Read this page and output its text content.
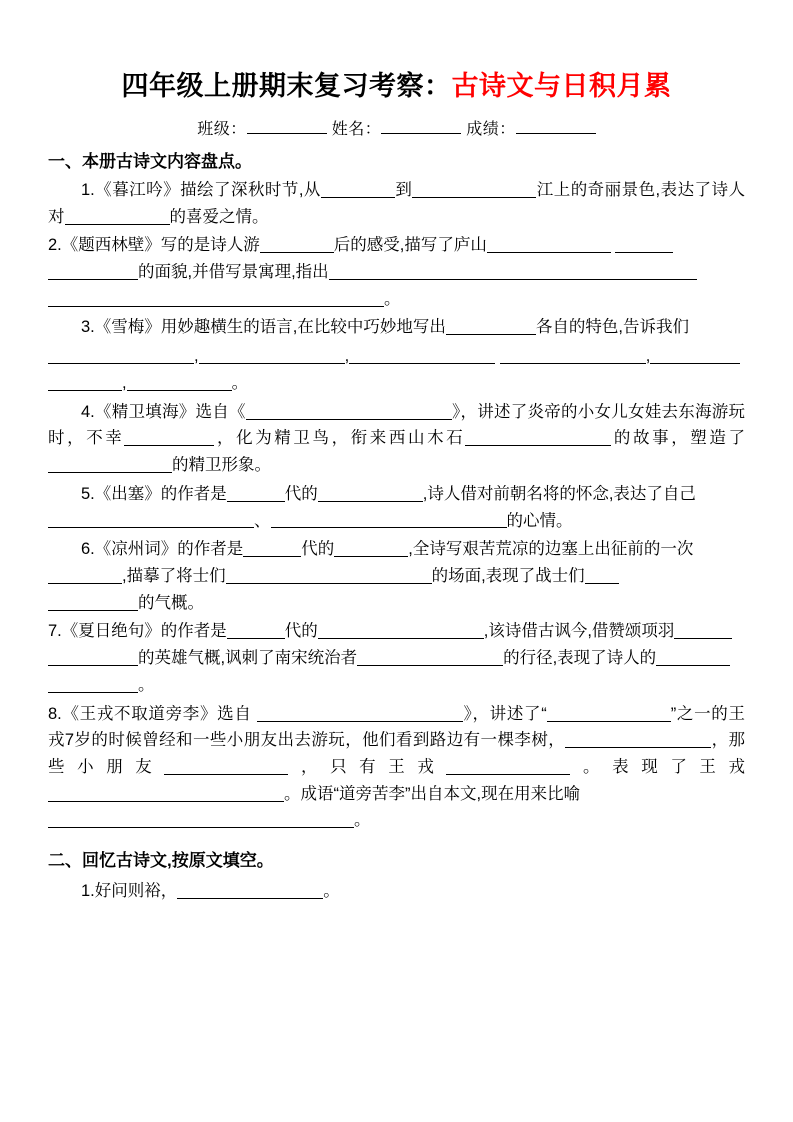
四年级上册期末复习考察：古诗文与日积月累
班级：	姓名：	成绩：
一、本册古诗文内容盘点。
1.《暮江吟》描绘了深秋时节,从	到	江上的奇丽景色,表达了诗人对	的喜爱之情。
2.《题西林壁》写的是诗人游	后的感受,描写了庐山
的面貌,并借写景寓理,指出
。
3.《雪梅》用妙趣横生的语言,在比较中巧妙地写出	各自的特色,告诉我们
,	,	,
,	。
4.《精卫填海》选自《	》，讲述了炎帝的小女儿女娃去东海游玩时，不幸	，化为精卫鸟，衔来西山木石	的故事，塑造了的精卫形象。
5.《出塞》的作者是	代的	,诗人借对前朝名将的怀念,表达了自己
、	的心情。
6.《凉州词》的作者是	代的	,全诗写艰苦荒凉的边塞上出征前的一次
,描摹了将士们	的场面,表现了战士们
的气概。
7.《夏日绝句》的作者是	代的	,该诗借古讽今,借赞颂项羽
的英雄气概,讽刺了南宋统治者	的行径,表现了诗人的
。
8.《王戎不取道旁李》选自	》，讲述了“	”之一的王戎7岁的时候曾经和一些小朋友出去游玩，他们看到路边有一棵李树，	，那些小朋友	，只有王戎	。表现了王戎。成语“道旁苦李”出自本文,现在用来比喻
。
二、回忆古诗文,按原文填空。
1.好问则裕，	。
